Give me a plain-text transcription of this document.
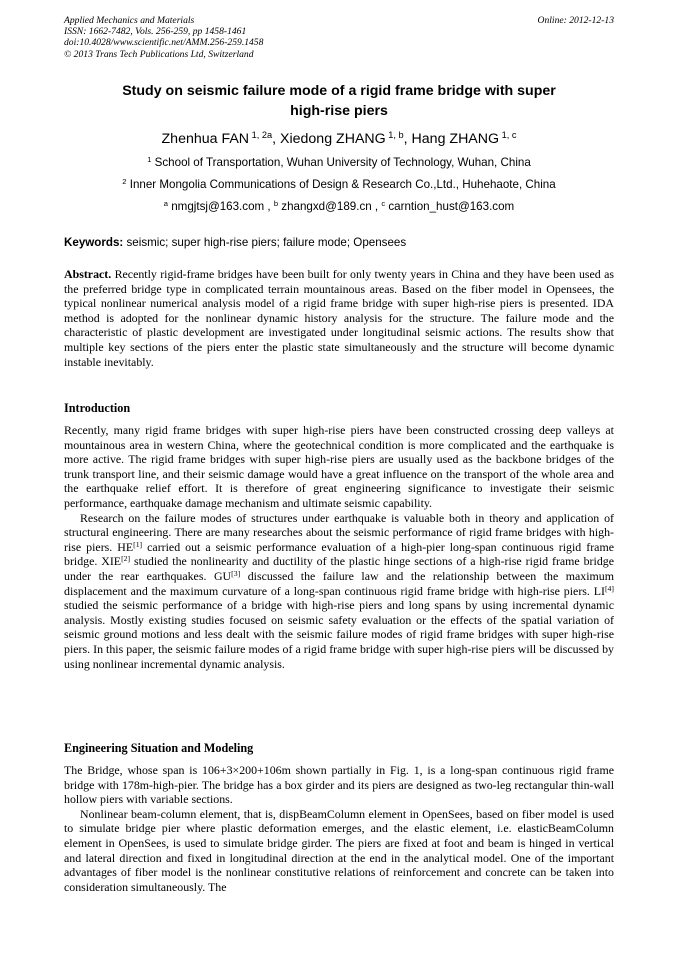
Applied Mechanics and Materials
ISSN: 1662-7482, Vols. 256-259, pp 1458-1461
doi:10.4028/www.scientific.net/AMM.256-259.1458
© 2013 Trans Tech Publications Ltd, Switzerland
Online: 2012-12-13
Study on seismic failure mode of a rigid frame bridge with super
high-rise piers
Zhenhua FAN $^{1, 2a}$, Xiedong ZHANG $^{1, b}$, Hang ZHANG $^{1, c}$
$^1$ School of Transportation, Wuhan University of Technology, Wuhan, China
$^2$ Inner Mongolia Communications of Design & Research Co.,Ltd., Huhehaote, China
$^a$ nmgjtsj@163.com , $^b$ zhangxd@189.cn , $^c$ carntion_hust@163.com
Keywords: seismic; super high-rise piers; failure mode; Opensees

Abstract. Recently rigid-frame bridges have been built for only twenty years in China and they have been used as the preferred bridge type in complicated terrain mountainous areas. Based on the fiber model in Opensees, the typical nonlinear numerical analysis model of a rigid frame bridge with super high-rise piers is presented. IDA method is adopted for the nonlinear dynamic history analysis for the structure. The failure mode and the characteristic of plastic development are investigated under longitudinal seismic actions. The results show that multiple key sections of the piers enter the plastic state simultaneously and the structure will become dynamic instable inevitably.

Introduction

Recently, many rigid frame bridges with super high-rise piers have been constructed crossing deep valleys at mountainous area in western China, where the geotechnical condition is more complicated and the earthquake is more active. The rigid frame bridges with super high-rise piers are usually used as the backbone bridges of the trunk transport line, and their seismic damage would have a great influence on the transport of the whole area and the earthquake relief effort. It is therefore of great engineering significance to investigate their seismic performance, earthquake damage mechanism and ultimate seismic capability.

Research on the failure modes of structures under earthquake is valuable both in theory and application of structural engineering. There are many researches about the seismic performance of rigid frame bridges with high-rise piers. HE[1] carried out a seismic performance evaluation of a high-pier long-span continuous rigid frame bridge. XIE[2] studied the nonlinearity and ductility of the plastic hinge sections of a high-rise rigid frame bridge under the rear earthquakes. GU[3] discussed the failure law and the relationship between the maximum displacement and the maximum curvature of a long-span continuous rigid frame bridge with high-rise piers. LI[4] studied the seismic performance of a bridge with high-rise piers and long spans by using incremental dynamic analysis. Mostly existing studies focused on seismic safety evaluation or the effects of the spatial variation of seismic ground motions and less dealt with the seismic failure modes of rigid frame bridges with super high-rise piers. In this paper, the seismic failure modes of a rigid frame bridge with super high-rise piers will be discussed by using nonlinear incremental dynamic analysis.

Engineering Situation and Modeling

The Bridge, whose span is 106+3×200+106m shown partially in Fig. 1, is a long-span continuous rigid frame bridge with 178m-high-pier. The bridge has a box girder and its piers are designed as two-leg rectangular thin-wall hollow piers with variable sections.

Nonlinear beam-column element, that is, dispBeamColumn element in OpenSees, based on fiber model is used to simulate bridge pier where plastic deformation emerges, and the elastic element, i.e. elasticBeamColumn element in OpenSees, is used to simulate bridge girder. The piers are fixed at foot and beam is hinged in vertical and lateral direction and fixed in longitudinal direction at the end in the analytical model. One of the important advantages of fiber model is the nonlinear constitutive relations of reinforcement and concrete can be taken into consideration simultaneously. The
